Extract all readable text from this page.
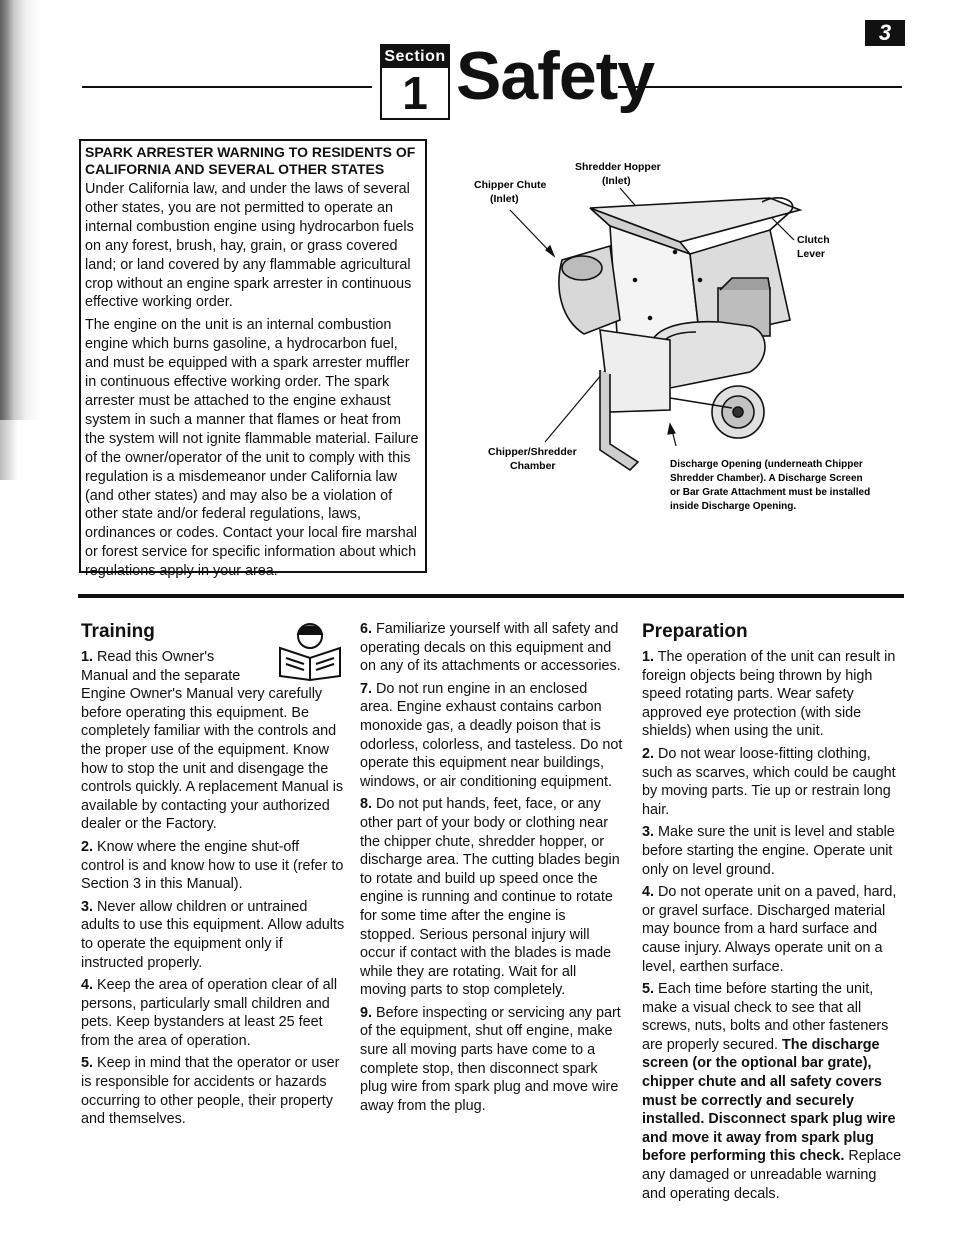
3
Section
1 Safety
SPARK ARRESTER WARNING TO RESIDENTS OF
CALIFORNIA AND SEVERAL OTHER STATES

Under California law, and under the laws of several other states, you are not permitted to operate an internal combustion engine using hydrocarbon fuels on any forest, brush, hay, grain, or grass covered land; or land covered by any flammable agricultural crop without an engine spark arrester in continuous effective working order.

The engine on the unit is an internal combustion engine which burns gasoline, a hydrocarbon fuel, and must be equipped with a spark arrester muffler in continuous effective working order. The spark arrester must be attached to the engine exhaust system in such a manner that flames or heat from the system will not ignite flammable material. Failure of the owner/operator of the unit to comply with this regulation is a misdemeanor under California law (and other states) and may also be a violation of other state and/or federal regulations, laws, ordinances or codes. Contact your local fire marshal or forest service for specific information about which regulations apply in your area.

Shredder Hopper
(Inlet)
Chipper Chute
(Inlet)
Clutch
Lever
Chipper/Shredder
Chamber	Discharge Opening (underneath Chipper
Shredder Chamber). A Discharge Screen
or Bar Grate Attachment must be installed
inside Discharge Opening.
Training

1. Read this Owner's
Manual and the separate
Engine Owner's Manual very carefully before operating this equipment. Be completely familiar with the controls and the proper use of the equipment. Know how to stop the unit and disengage the controls quickly. A replacement Manual is available by contacting your authorized dealer or the Factory.

2. Know where the engine shut-off control is and know how to use it (refer to Section 3 in this Manual).

3. Never allow children or untrained adults to use this equipment. Allow adults to operate the equipment only if instructed properly.

4. Keep the area of operation clear of all persons, particularly small children and pets. Keep bystanders at least 25 feet from the area of operation.

5. Keep in mind that the operator or user is responsible for accidents or hazards occurring to other people, their property and themselves.

6. Familiarize yourself with all safety and operating decals on this equipment and on any of its attachments or accessories.

7. Do not run engine in an enclosed area. Engine exhaust contains carbon monoxide gas, a deadly poison that is odorless, colorless, and tasteless. Do not operate this equipment near buildings, windows, or air conditioning equipment.

8. Do not put hands, feet, face, or any other part of your body or clothing near the chipper chute, shredder hopper, or discharge area. The cutting blades begin to rotate and build up speed once the engine is running and continue to rotate for some time after the engine is stopped. Serious personal injury will occur if contact with the blades is made while they are rotating. Wait for all moving parts to stop completely.

9. Before inspecting or servicing any part of the equipment, shut off engine, make sure all moving parts have come to a complete stop, then disconnect spark plug wire from spark plug and move wire away from the plug.

Preparation

1. The operation of the unit can result in foreign objects being thrown by high speed rotating parts. Wear safety approved eye protection (with side shields) when using the unit.

2. Do not wear loose-fitting clothing, such as scarves, which could be caught by moving parts. Tie up or restrain long hair.

3. Make sure the unit is level and stable before starting the engine. Operate unit only on level ground.

4. Do not operate unit on a paved, hard, or gravel surface. Discharged material may bounce from a hard surface and cause injury. Always operate unit on a level, earthen surface.

5. Each time before starting the unit, make a visual check to see that all screws, nuts, bolts and other fasteners are properly secured. The discharge screen (or the optional bar grate), chipper chute and all safety covers must be correctly and securely installed. Disconnect spark plug wire and move it away from spark plug before performing this check. Replace any damaged or unreadable warning and operating decals.
